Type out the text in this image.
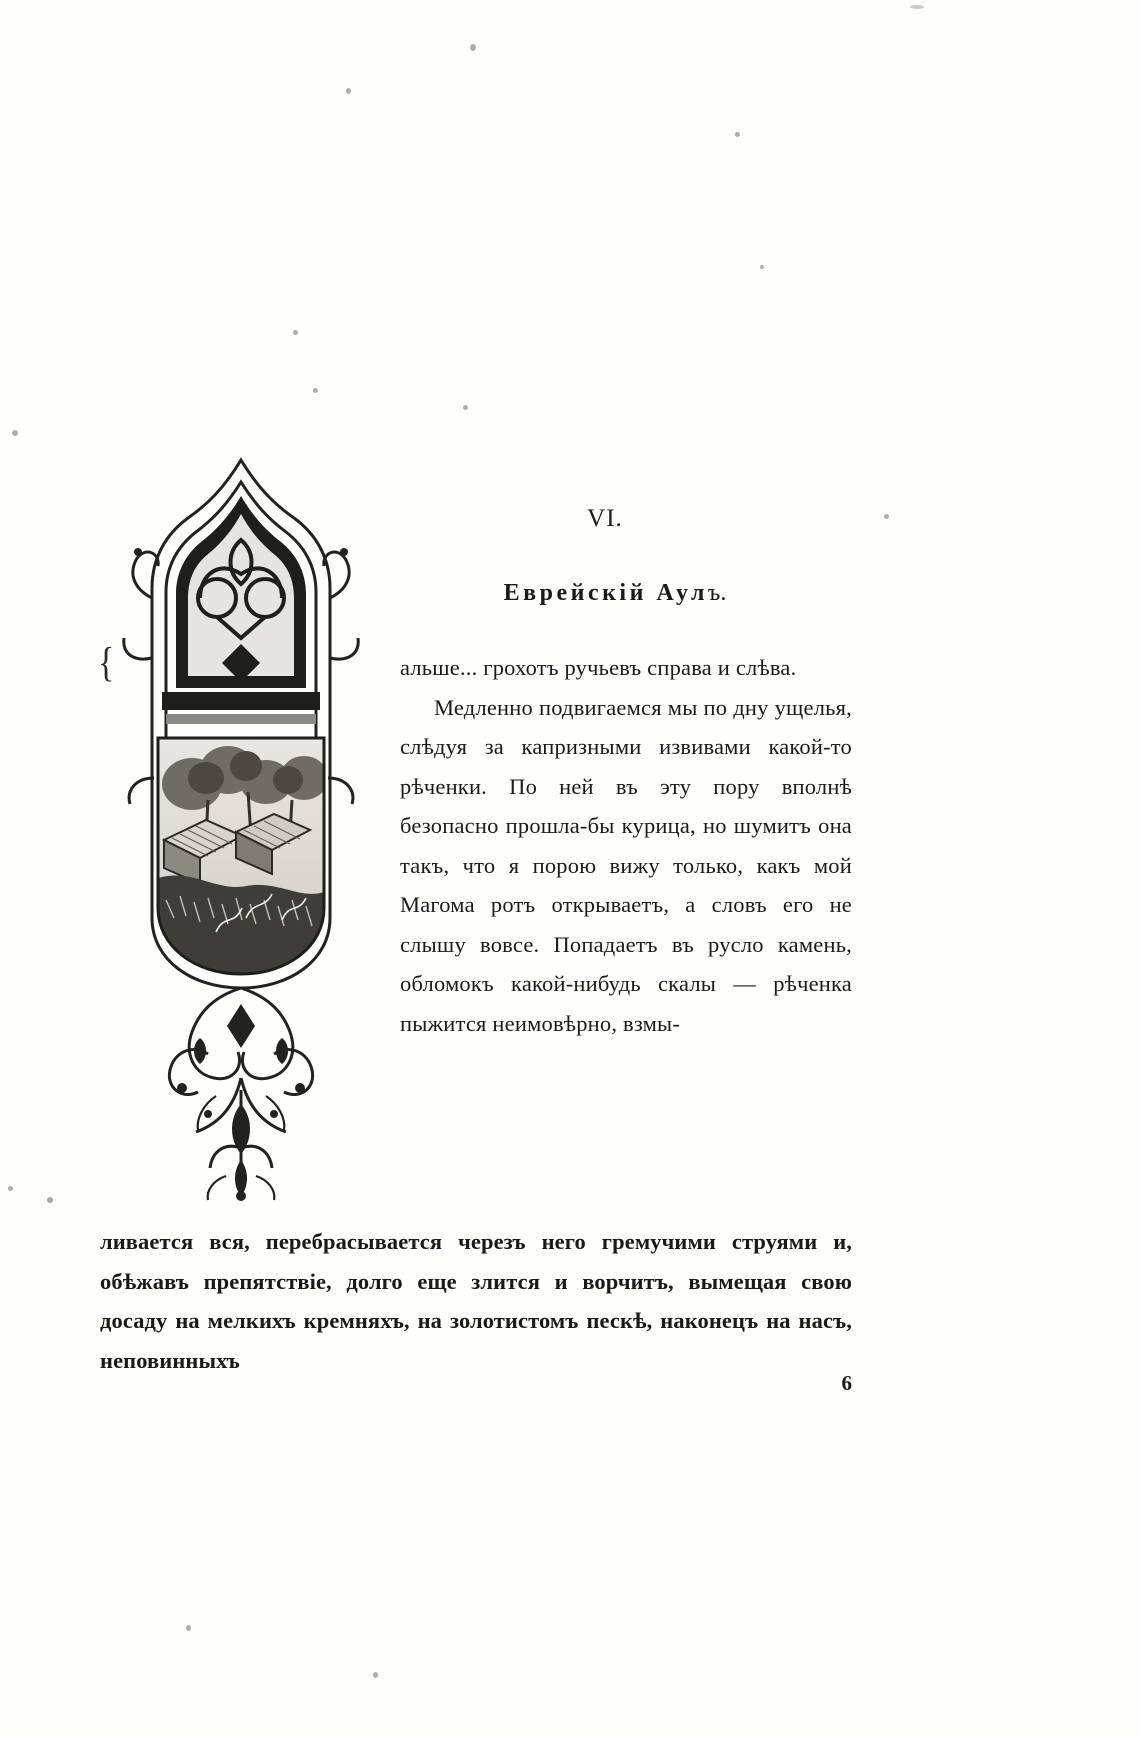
{
VI.
Еврейскiй Аулъ.

альше... грохотъ ручьевъ справа и слѣва.

Медленно подвигаемся мы по дну ущелья, слѣдуя за капризными извивами какой-то рѣченки. По ней въ эту пору вполнѣ безопасно прошла-бы курица, но шумитъ она такъ, что я порою вижу только, какъ мой Магома ротъ открываетъ, а словъ его не слышу вовсе. Попадаетъ въ русло камень, обломокъ какой-нибудь скалы — рѣченка пыжится неимовѣрно, взмы-

ливается вся, перебрасывается черезъ него гремучими струями и, обѣжавъ препятствiе, долго еще злится и ворчитъ, вымещая свою досаду на мелкихъ кремняхъ, на золотистомъ пескѣ, наконецъ на насъ, неповинныхъ

6
